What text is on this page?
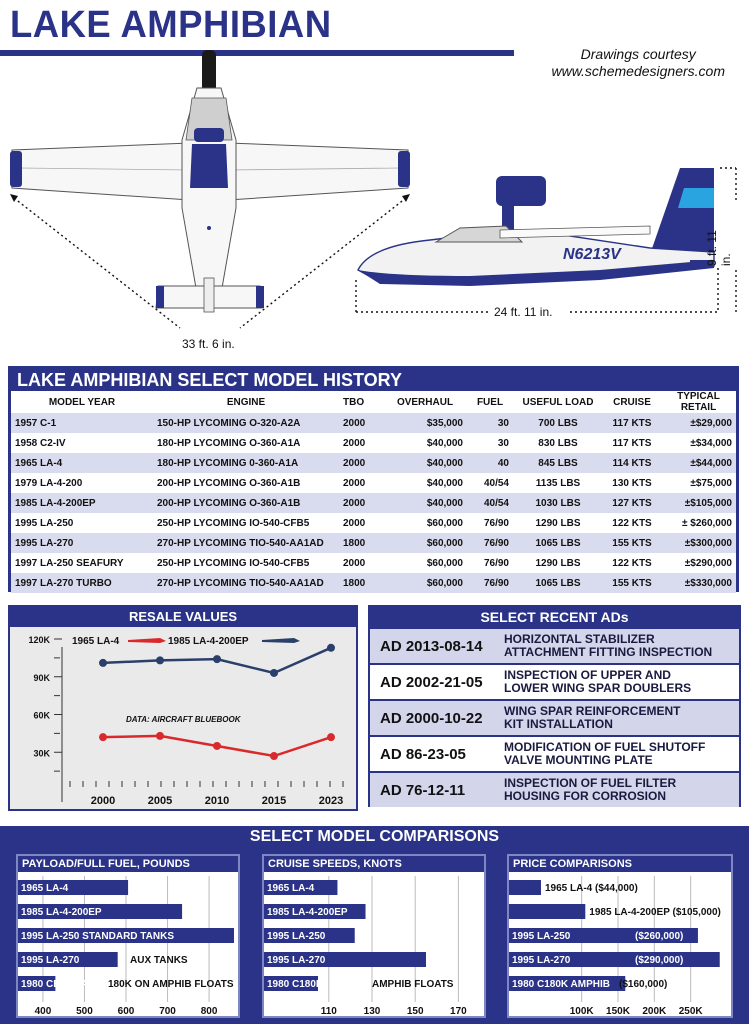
LAKE AMPHIBIAN
Drawings courtesy
www.schemedesigners.com
33 ft. 6 in.
N6213V
24 ft. 11 in.
9 ft. 11 in.
LAKE AMPHIBIAN SELECT MODEL HISTORY
MODEL YEAR	ENGINE	TBO	OVERHAUL	FUEL	USEFUL LOAD	CRUISE	TYPICAL RETAIL
1957 C-1	150-HP LYCOMING O-320-A2A	2000	$35,000	30	700 LBS	117 KTS	±$29,000
1958 C2-IV	180-HP LYCOMING O-360-A1A	2000	$40,000	30	830 LBS	117 KTS	±$34,000
1965 LA-4	180-HP LYCOMING 0-360-A1A	2000	$40,000	40	845 LBS	114 KTS	±$44,000
1979 LA-4-200	200-HP LYCOMING O-360-A1B	2000	$40,000	40/54	1135 LBS	130 KTS	±$75,000
1985 LA-4-200EP	200-HP LYCOMING O-360-A1B	2000	$40,000	40/54	1030 LBS	127 KTS	±$105,000
1995 LA-250	250-HP LYCOMING IO-540-CFB5	2000	$60,000	76/90	1290 LBS	122 KTS	± $260,000
1995 LA-270	270-HP LYCOMING TIO-540-AA1AD	1800	$60,000	76/90	1065 LBS	155 KTS	±$300,000
1997 LA-250 SEAFURY	250-HP LYCOMING IO-540-CFB5	2000	$60,000	76/90	1290 LBS	122 KTS	±$290,000
1997 LA-270 TURBO	270-HP LYCOMING TIO-540-AA1AD	1800	$60,000	76/90	1065 LBS	155 KTS	±$330,000
RESALE VALUES
30K
60K
90K
120K
2000	2005	2010	2015	2023
1965 LA-4	1985 LA-4-200EP
DATA: AIRCRAFT BLUEBOOK
SELECT RECENT ADs
AD 2013-08-14	HORIZONTAL STABILIZER
ATTACHMENT FITTING INSPECTION
AD 2002-21-05	INSPECTION OF UPPER AND
LOWER WING SPAR DOUBLERS
AD 2000-10-22	WING SPAR REINFORCEMENT
KIT INSTALLATION
AD 86-23-05	MODIFICATION OF FUEL SHUTOFF
VALVE MOUNTING PLATE
AD 76-12-11	INSPECTION OF FUEL FILTER
HOUSING FOR CORROSION
SELECT MODEL COMPARISONS
PAYLOAD/FULL FUEL, POUNDS
400 500 600 700 800
1965 LA-4
1985 LA-4-200EP
1995 LA-250 STANDARD TANKS
1995 LA-270	AUX TANKS
1980 CESSNA 180K ON AMPHIB FLOATS
CRUISE SPEEDS, KNOTS
110	130	150	170
1965 LA-4
1985 LA-4-200EP
1995 LA-250
1995 LA-270
1980 C180K	AMPHIB FLOATS
PRICE COMPARISONS
100K 150K 200K 250K
1965 LA-4 ($44,000)
1985 LA-4-200EP ($105,000)
1995 LA-250	($260,000)
1995 LA-270	($290,000)
1980 C180K AMPHIB ($160,000)
